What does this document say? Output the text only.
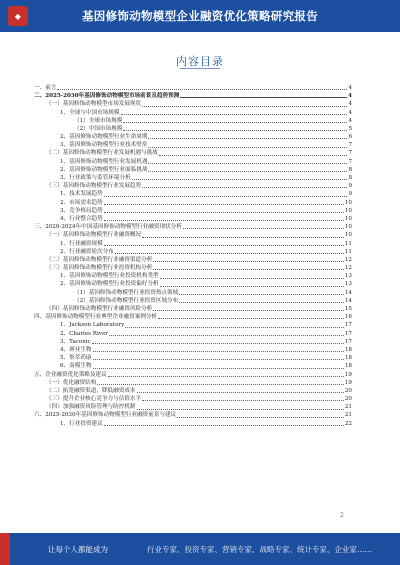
◆	基因修饰动物模型企业融资优化策略研究报告
内容目录
一、前言	4
二、2025-2030年基因修饰动物模型市场前景及趋势预测	4
（一）基因修饰动物模型市场发展现状	4
1、全球与中国市场规模	4
（1）全球市场规模	4
（2）中国市场规模	5
2、基因修饰动物模型行业生命周期	6
3、基因修饰动物模型行业技术壁垒	7
（二）基因修饰动物模型行业发展机遇与挑战	7
1、基因修饰动物模型行业发展机遇	7
2、基因修饰动物模型行业面临挑战	8
3、行业政策与监管环境分析	8
（三）基因修饰动物模型行业发展趋势	9
1、技术发展趋势	9
2、市场需求趋势	10
3、竞争格局趋势	10
4、行业整合趋势	10
三、2020-2024年中国基因修饰动物模型行业融资现状分析	10
（一）基因修饰动物模型行业融资概况	10
1、行业融资规模	11
2、行业融资轮次分布	11
（二）基因修饰动物模型行业融资渠道分析	12
（三）基因修饰动物模型行业投资机构分析	12
1、基因修饰动物模型行业投资机构类型	13
2、基因修饰动物模型行业投资偏好分析	13
（1）基因修饰动物模型行业投资热点领域	14
（2）基因修饰动物模型行业投资区域分布	14
（四）基因修饰动物模型行业融资风险分析	15
四、基因修饰动物模型行业典型企业融资案例分析	16
1、Jackson Laboratory	17
2、Charles River	17
3、Taconic	17
4、赛业生物	18
5、集萃药康	18
6、南模生物	18
五、企业融资优化策略及建议	19
（一）优化融资结构	19
（二）拓宽融资渠道，降低融资成本	20
（三）提升企业核心竞争力与估值水平	20
（四）加强融资风险管理与防控机制	21
六、2025-2030年基因修饰动物模型行业融资前景与建议	21
1、行业投资建议	22
2
让每个人都能成为	行业专家、投资专家、营销专家、战略专家、统计专家、企业家……
